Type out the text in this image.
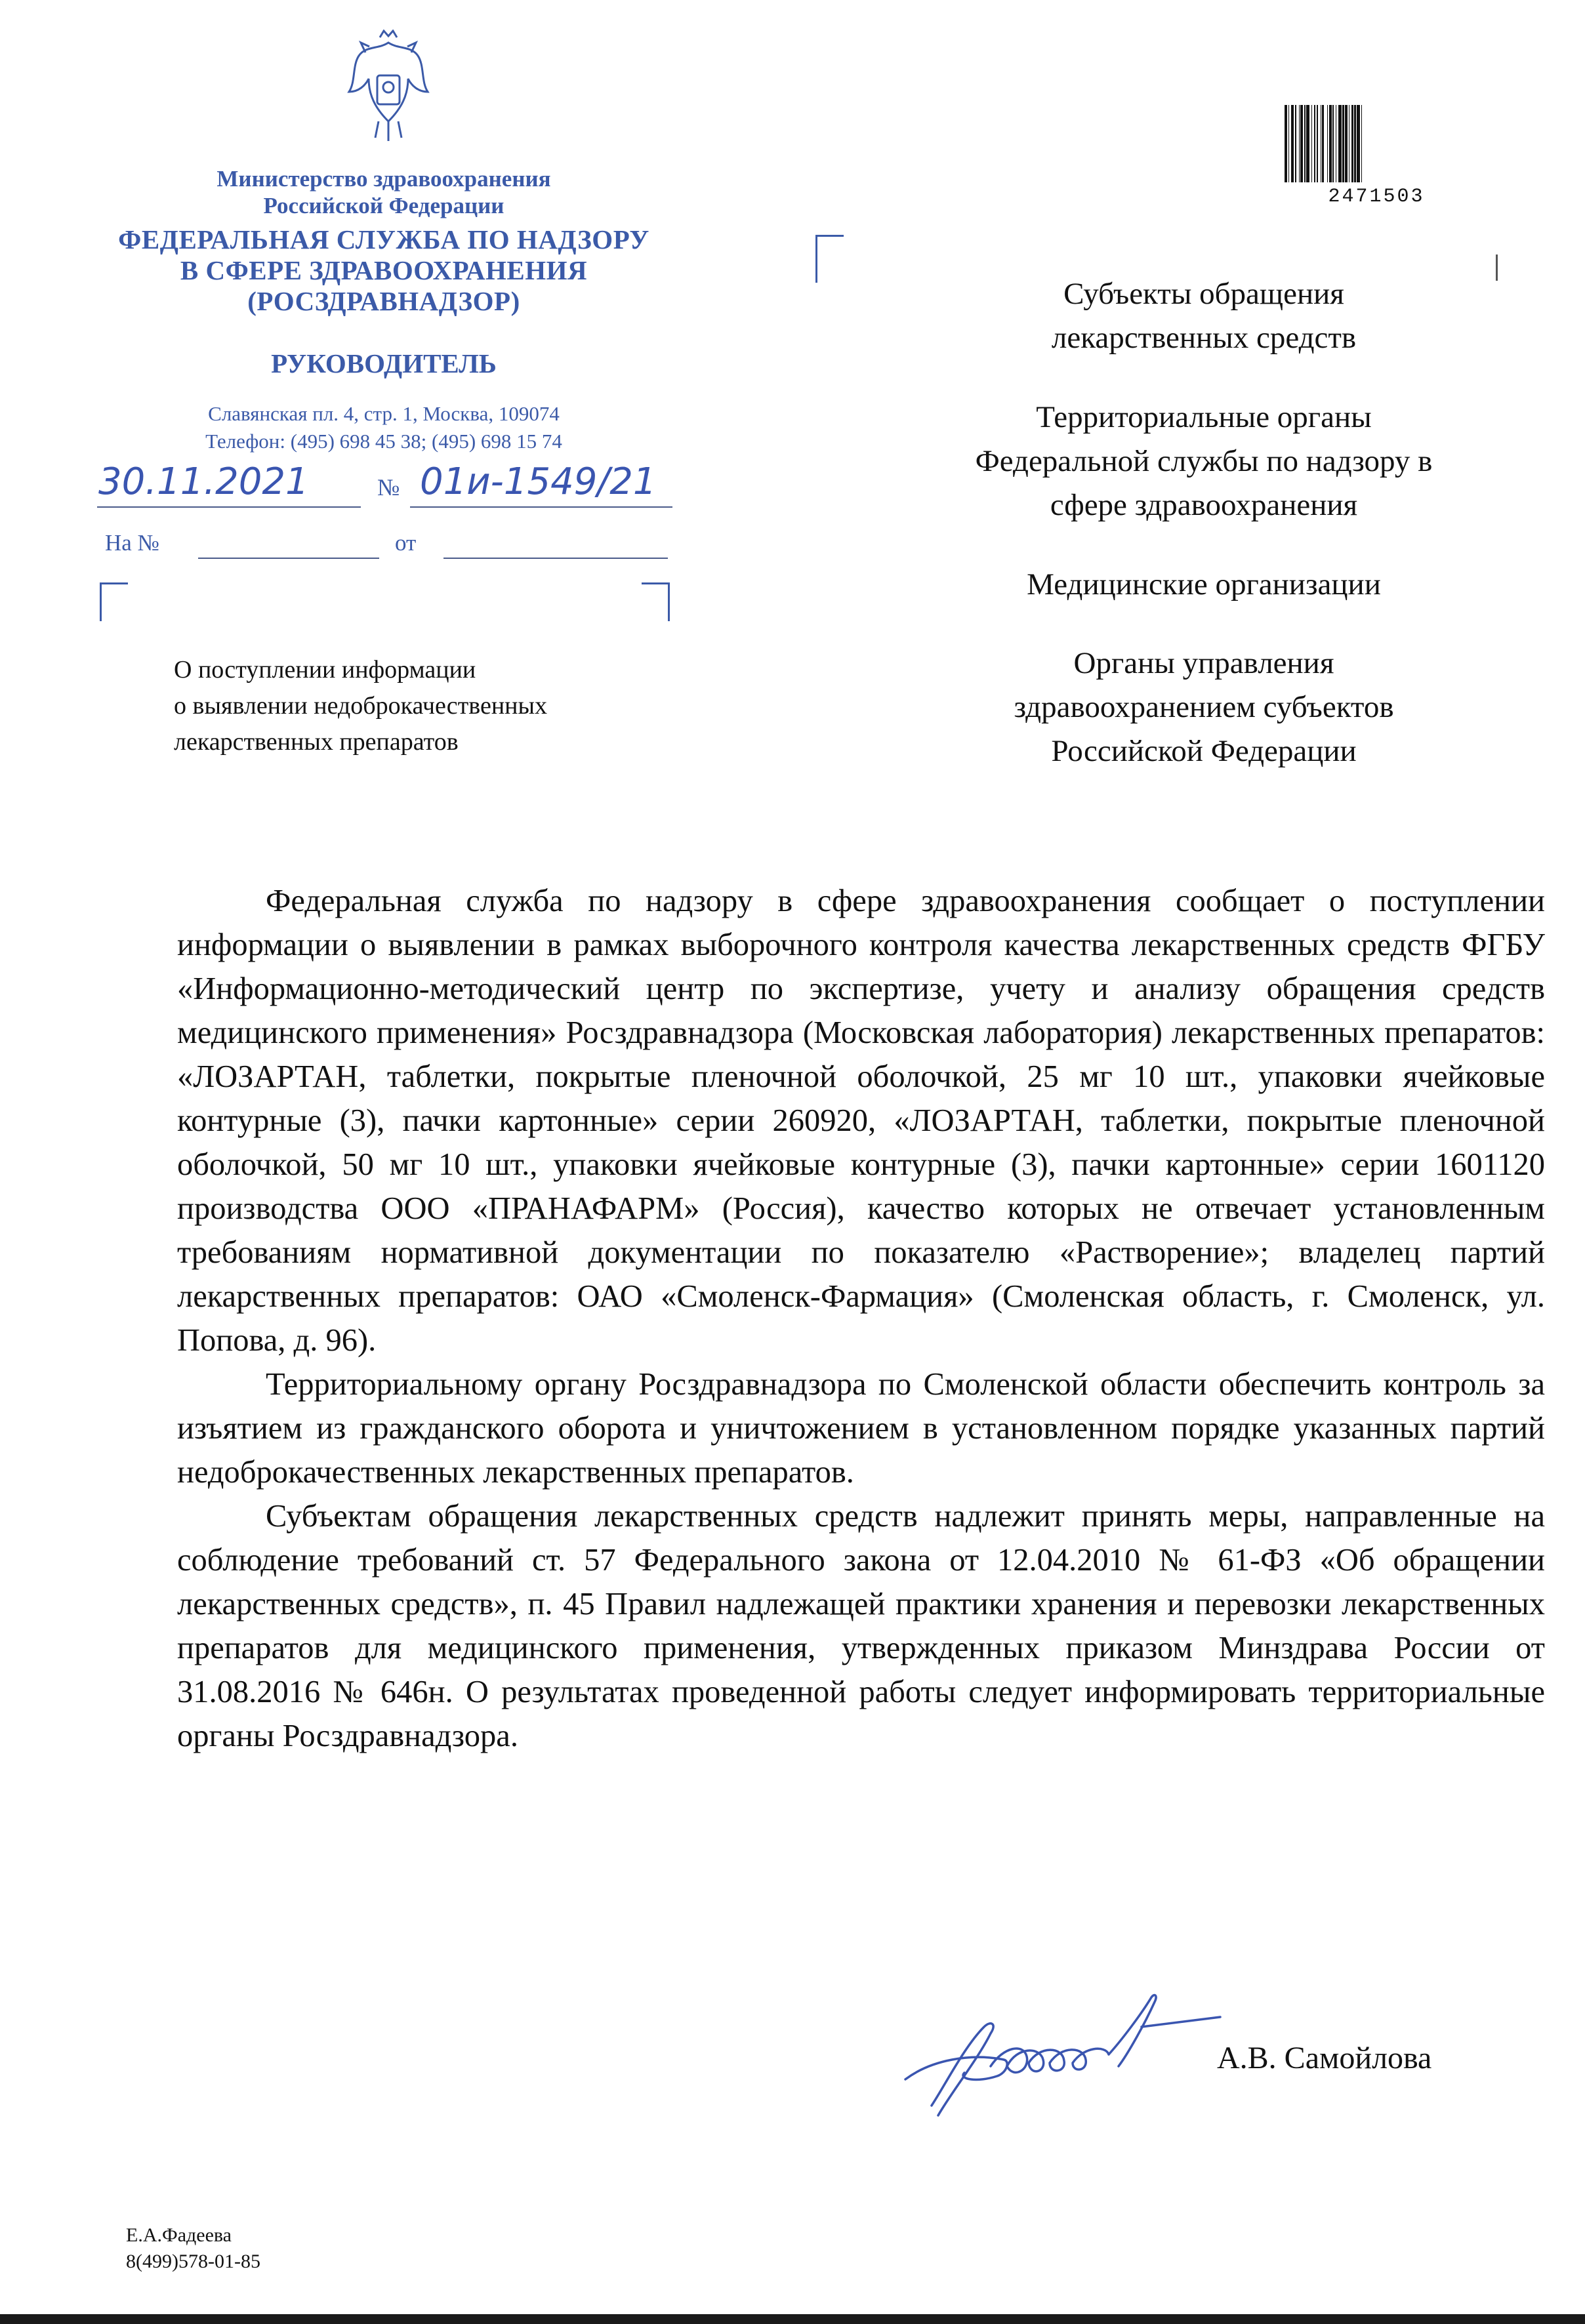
Министерство здравоохранения
Российской Федерации
ФЕДЕРАЛЬНАЯ СЛУЖБА ПО НАДЗОРУ
В СФЕРЕ ЗДРАВООХРАНЕНИЯ
(РОСЗДРАВНАДЗОР)
РУКОВОДИТЕЛЬ
Славянская пл. 4, стр. 1, Москва, 109074
Телефон: (495) 698 45 38; (495) 698 15 74
30.11.2021	№ 01и-1549/21
На №	от
О поступлении информации
о выявлении недоброкачественных
лекарственных препаратов
2471503
Субъекты обращения
лекарственных средств
Территориальные органы
Федеральной службы по надзору в
сфере здравоохранения
Медицинские организации
Органы управления
здравоохранением субъектов
Российской Федерации

Федеральная служба по надзору в сфере здравоохранения сообщает о поступлении информации о выявлении в рамках выборочного контроля качества лекарственных средств ФГБУ «Информационно-методический центр по экспертизе, учету и анализу обращения средств медицинского применения» Росздравнадзора (Московская лаборатория) лекарственных препаратов: «ЛОЗАРТАН, таблетки, покрытые пленочной оболочкой, 25 мг 10 шт., упаковки ячейковые контурные (3), пачки картонные» серии 260920, «ЛОЗАРТАН, таблетки, покрытые пленочной оболочкой, 50 мг 10 шт., упаковки ячейковые контурные (3), пачки картонные» серии 1601120 производства ООО «ПРАНАФАРМ» (Россия), качество которых не отвечает установленным требованиям нормативной документации по показателю «Растворение»; владелец партий лекарственных препаратов: ОАО «Смоленск-Фармация» (Смоленская область, г. Смоленск, ул. Попова, д. 96).

Территориальному органу Росздравнадзора по Смоленской области обеспечить контроль за изъятием из гражданского оборота и уничтожением в установленном порядке указанных партий недоброкачественных лекарственных препаратов.

Субъектам обращения лекарственных средств надлежит принять меры, направленные на соблюдение требований ст. 57 Федерального закона от 12.04.2010 № 61-ФЗ «Об обращении лекарственных средств», п. 45 Правил надлежащей практики хранения и перевозки лекарственных препаратов для медицинского применения, утвержденных приказом Минздрава России от 31.08.2016 № 646н. О результатах проведенной работы следует информировать территориальные органы Росздравнадзора.

А.В. Самойлова
Е.А.Фадеева
8(499)578-01-85
